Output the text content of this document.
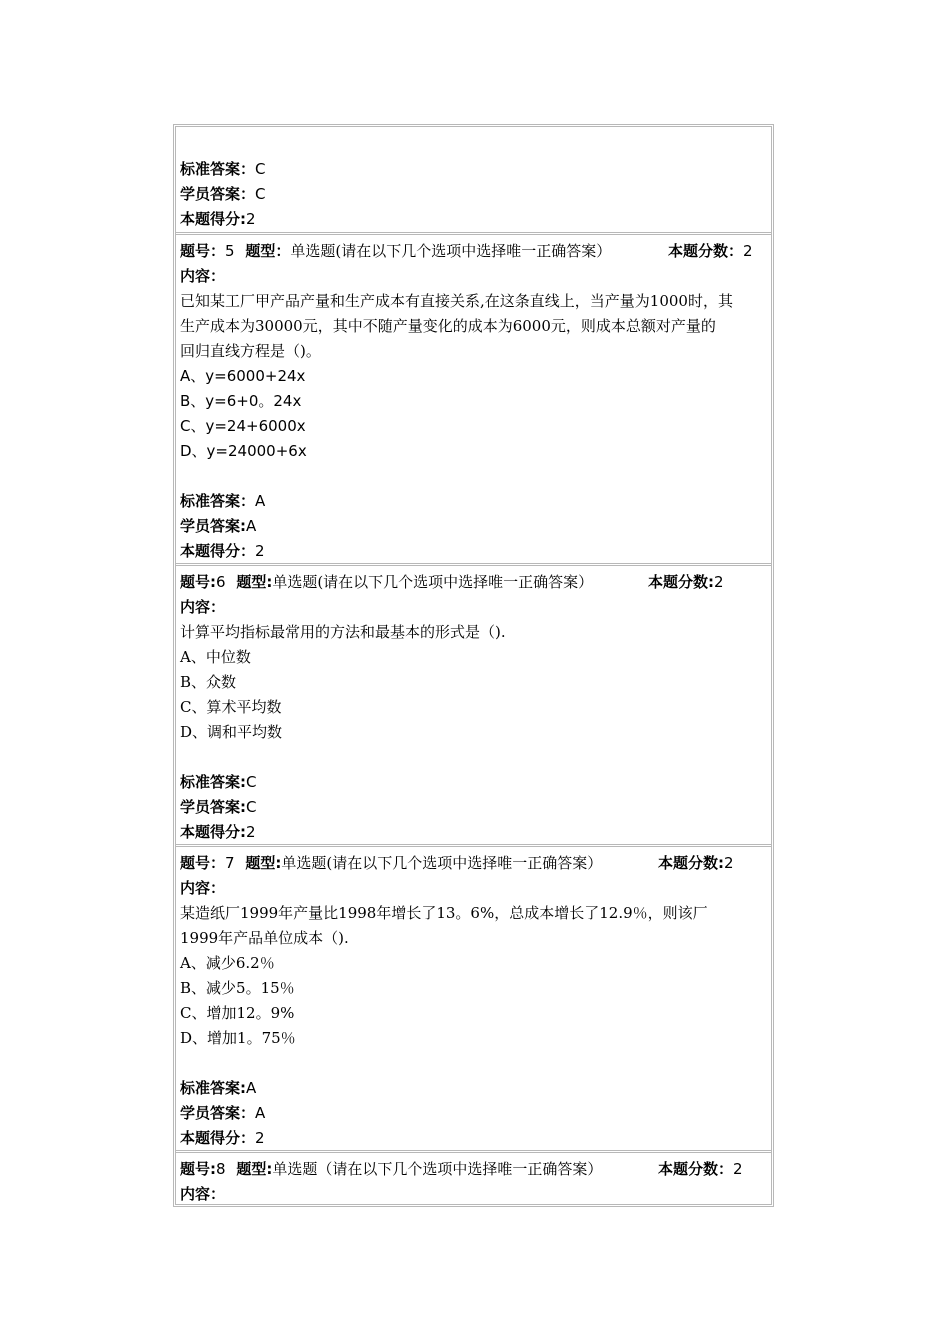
标准答案：C
学员答案：C
本题得分:2
题号：5 题型：单选题(请在以下几个选项中选择唯一正确答案）	本题分数：2
内容：
已知某工厂甲产品产量和生产成本有直接关系,在这条直线上，当产量为1000时，其
生产成本为30000元，其中不随产量变化的成本为6000元，则成本总额对产量的
回归直线方程是（)。
A、y=6000+24x
B、y=6+0。24x
C、y=24+6000x
D、y=24000+6x
标准答案：A
学员答案:A
本题得分：2
题号:6 题型:单选题(请在以下几个选项中选择唯一正确答案）	本题分数:2
内容：
计算平均指标最常用的方法和最基本的形式是（).
A、中位数
B、众数
C、算术平均数
D、调和平均数
标准答案:C
学员答案:C
本题得分:2
题号：7 题型:单选题(请在以下几个选项中选择唯一正确答案）	本题分数:2
内容：
某造纸厂1999年产量比1998年增长了13。6%，总成本增长了12.9％，则该厂
1999年产品单位成本（).
A、减少6.2％
B、减少5。15％
C、增加12。9%
D、增加1。75％
标准答案:A
学员答案：A
本题得分：2
题号:8 题型:单选题（请在以下几个选项中选择唯一正确答案）	本题分数：2
内容：
